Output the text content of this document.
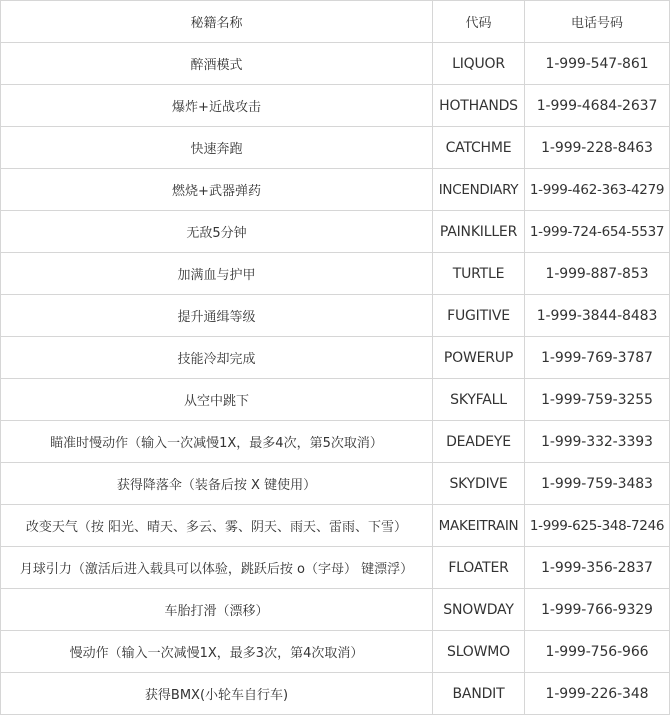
秘籍名称	代码	电话号码
醉酒模式	LIQUOR	1-999-547-861
爆炸+近战攻击	HOTHANDS	1-999-4684-2637
快速奔跑	CATCHME	1-999-228-8463
燃烧+武器弹药	INCENDIARY	1-999-462-363-4279
无敌5分钟	PAINKILLER	1-999-724-654-5537
加满血与护甲	TURTLE	1-999-887-853
提升通缉等级	FUGITIVE	1-999-3844-8483
技能冷却完成	POWERUP	1-999-769-3787
从空中跳下	SKYFALL	1-999-759-3255
瞄准时慢动作（输入一次减慢1X，最多4次，第5次取消）	DEADEYE	1-999-332-3393
获得降落伞（装备后按 X 键使用）	SKYDIVE	1-999-759-3483
改变天气（按 阳光、晴天、多云、雾、阴天、雨天、雷雨、下雪）	MAKEITRAIN	1-999-625-348-7246
月球引力（激活后进入载具可以体验，跳跃后按 o（字母） 键漂浮）	FLOATER	1-999-356-2837
车胎打滑（漂移）	SNOWDAY	1-999-766-9329
慢动作（输入一次减慢1X，最多3次，第4次取消）	SLOWMO	1-999-756-966
获得BMX(小轮车自行车)	BANDIT	1-999-226-348
